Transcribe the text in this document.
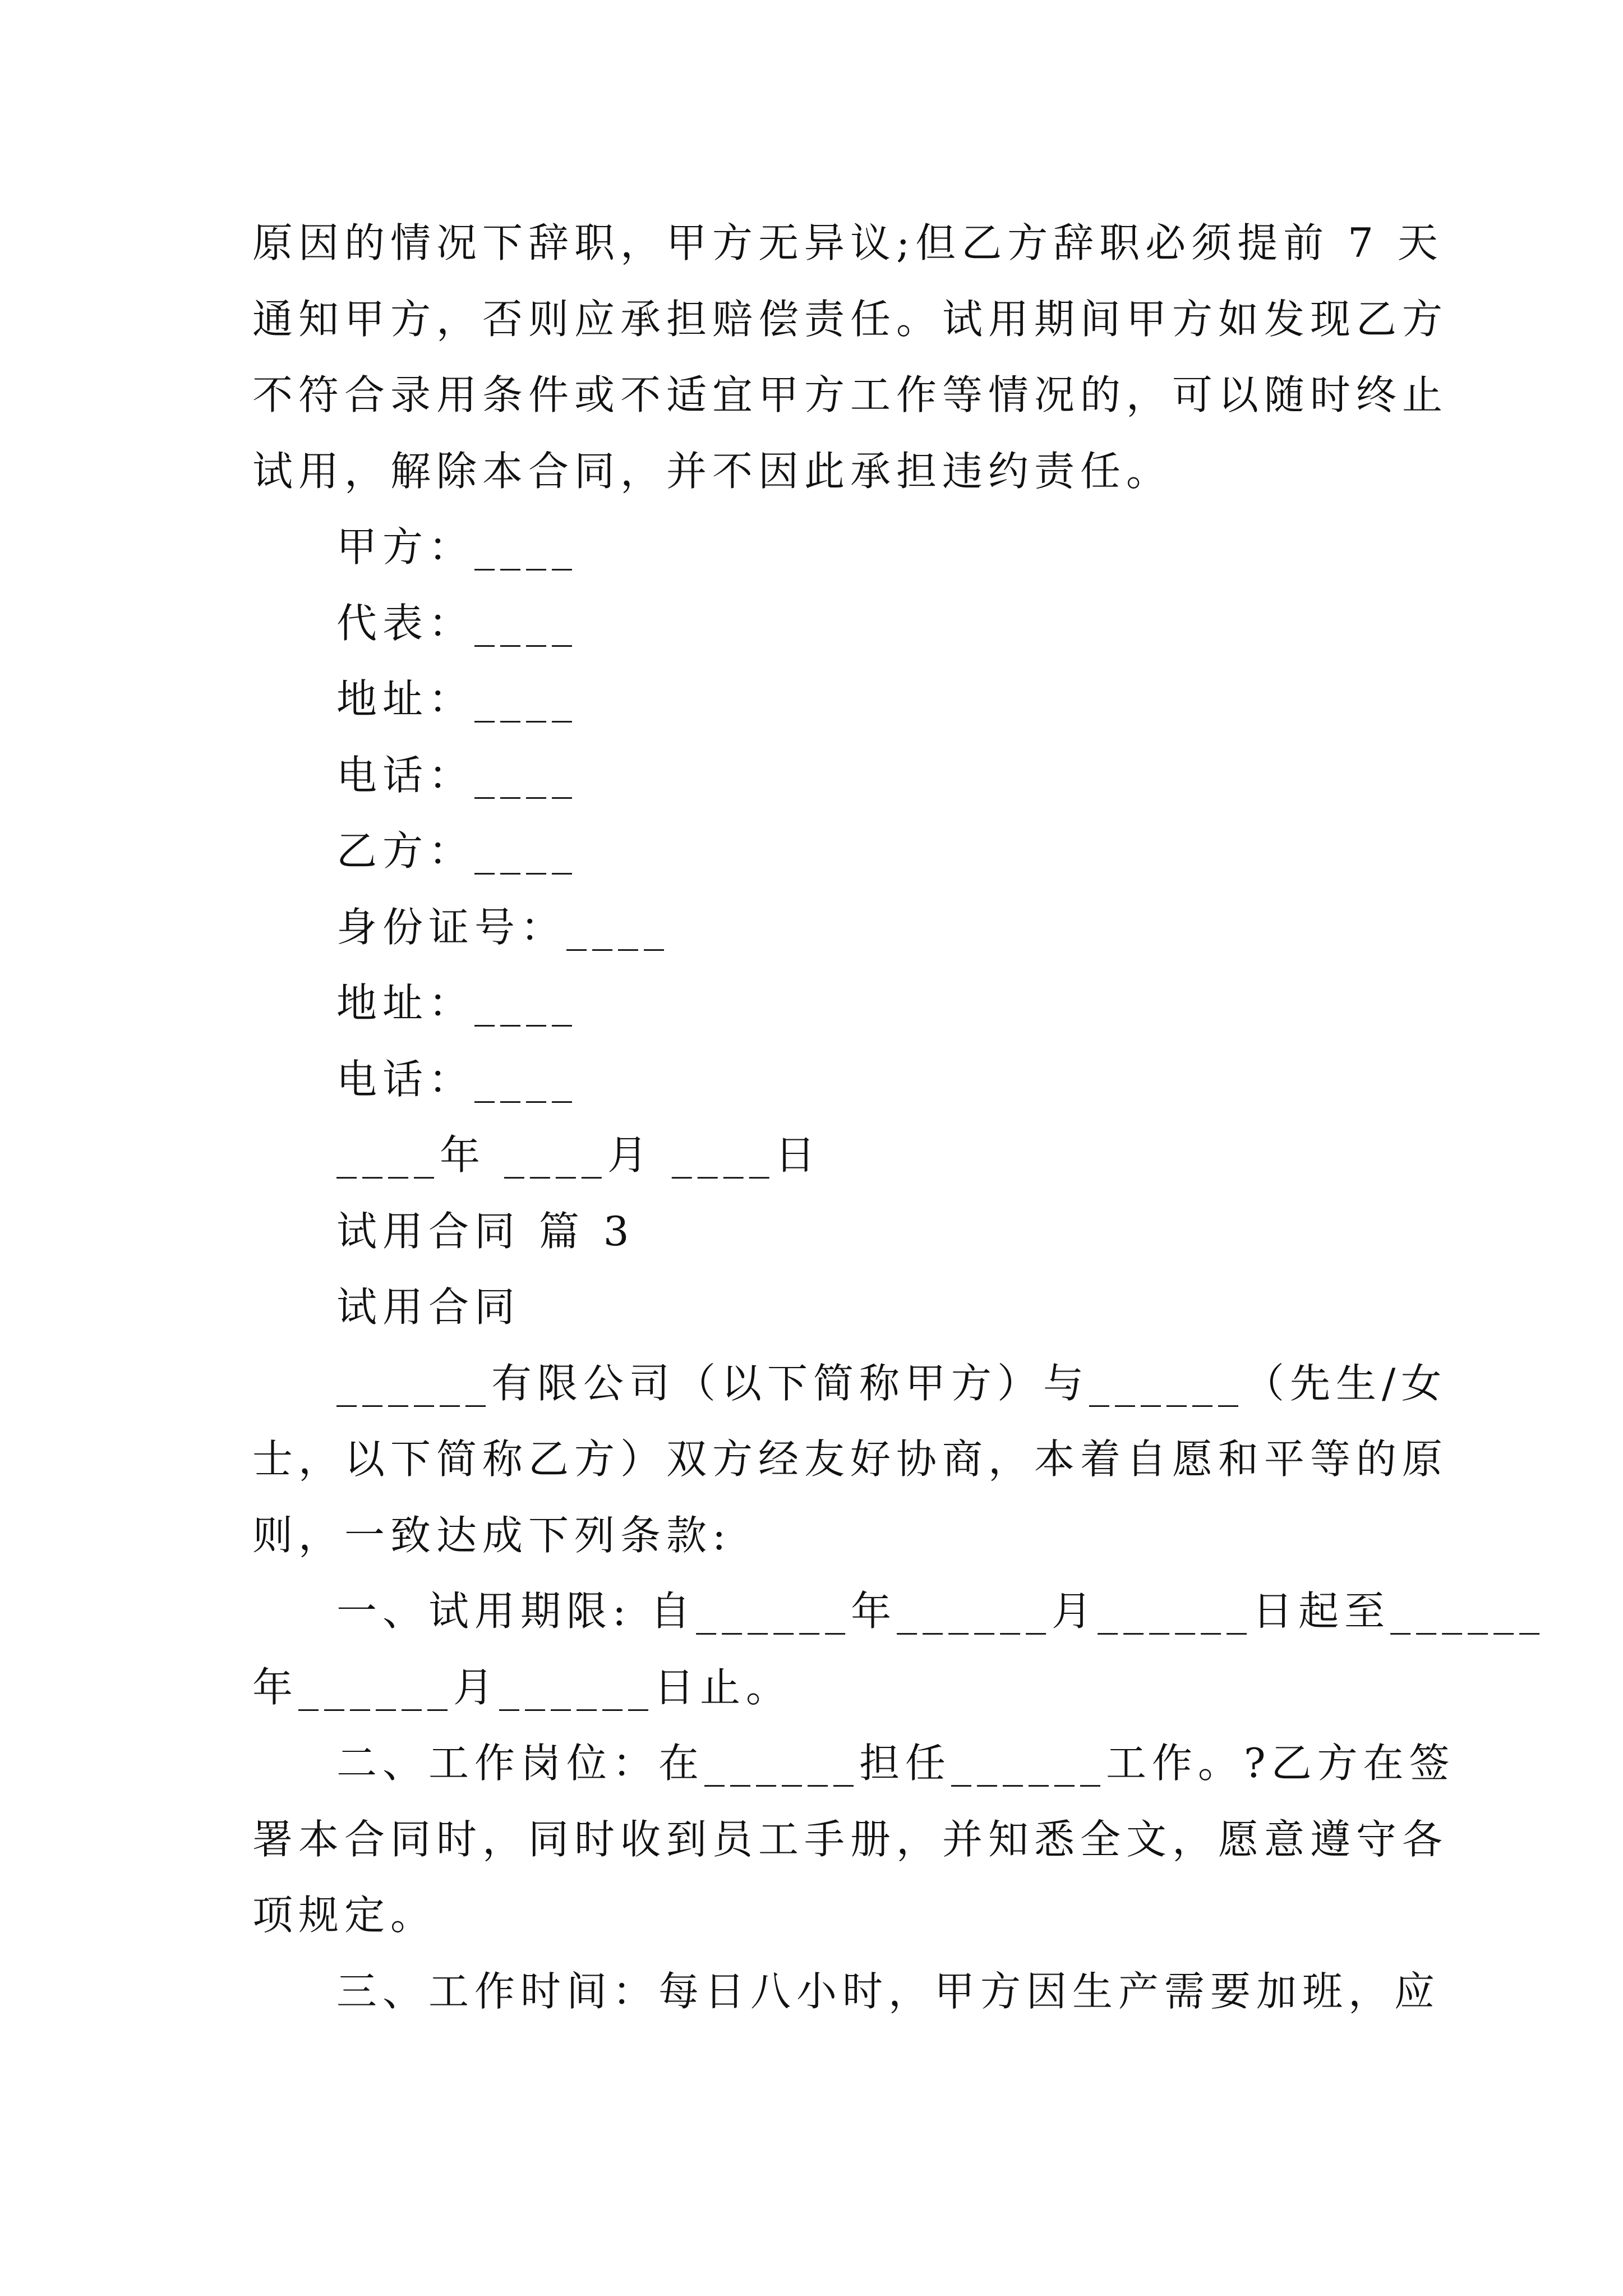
原因的情况下辞职，甲方无异议;但乙方辞职必须提前 7 天
通知甲方，否则应承担赔偿责任。试用期间甲方如发现乙方
不符合录用条件或不适宜甲方工作等情况的，可以随时终止
试用，解除本合同，并不因此承担违约责任。
甲方：____
代表：____
地址：____
电话：____
乙方：____
身份证号：____
地址：____
电话：____
____年 ____月 ____日
试用合同 篇 3
试用合同
______有限公司（以下简称甲方）与______（先生/女
士，以下简称乙方）双方经友好协商，本着自愿和平等的原
则，一致达成下列条款:
一、试用期限: 自______年______月______日起至______
年______月______日止。
二、工作岗位：在______担任______工作。?乙方在签
署本合同时，同时收到员工手册，并知悉全文，愿意遵守各
项规定。
三、工作时间：每日八小时，甲方因生产需要加班，应
